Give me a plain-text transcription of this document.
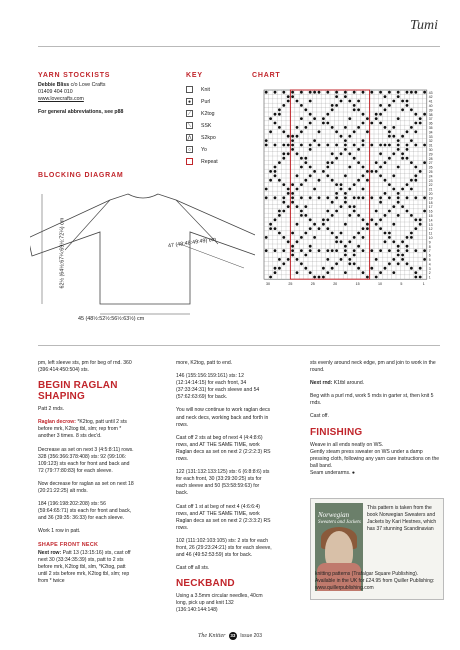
Tumi
YARN STOCKISTS
Debbie Bliss c/o Love Crafts
01409 404 010
www.lovecrafts.com
For general abbreviations, see p88
KEY
Knit
●	Purl
⟋	K2tog
⟍	SSK
⋀ S2kpo
○	Yo
Repeat
CHART
43
42
41
40
39
38
37
36
35
34
33
32
31
30
29
28
27
26
25
24
23
22
21
20
19
18
17
16
15
14
13
12
11
10
9
8
7
6
5
4
3
2
1
30	25	25	20	15	10	5	1
BLOCKING DIAGRAM
62½ (64½:67¼:69½:72¼) cm	47 (48:48:49:49) cm
45 (48½:52½:56½:63½) cm

pm, left sleeve sts, pm for beg of rnd. 360 (396:414:450:504) sts.

BEGIN RAGLAN SHAPING

Patt 2 rnds.

Raglan decrow: *K2tog, patt until 2 sts before mrk, K2tog tbl, slm; rep from * another 3 times. 8 sts dec'd.

Decrease as set on next 3 (4:5:8:11) rows. 328 (356:366:378:408) sts: 92 (99:106: 109:123) sts each for front and back and 72 (79:77:80:83) for each sleeve.

Now decrease for raglan as set on next 18 (20:21:22:25) alt rnds.

184 (196:198:202:208) sts: 56 (59:64:65:71) sts each for front and back, and 36 (39:35: 36:33) for each sleeve.

Work 1 row in patt.

SHAPE FRONT NECK

Next row: Patt 13 (13:15:16) sts, cast off next 30 (33:34:35:39) sts, patt to 2 sts before mrk, K2tog tbl, slm, *K2tog, patt until 2 sts before mrk, K2tog tbl, slm; rep from * twice

more, K2tog, patt to end.

146 (155:156:159:161) sts: 12 (12:14:14:15) for each front, 34 (37:33:34:31) for each sleeve and 54 (57:62:63:69) for back.

You will now continue to work raglan decs and neck decs, working back and forth in rows.

Cast off 2 sts at beg of next 4 (4:4:8:6) rows, and AT THE SAME TIME, work Raglan decs as set on next 2 (2:2:2:3) RS rows.

122 (131:132:133:125) sts: 6 (6:8:8:6) sts for each front, 30 (33:29:30:25) sts for each sleeve and 50 (53:58:59:63) for back.

Cast off 1 st at beg of next 4 (4:6:6:4) rows, and AT THE SAME TIME, work Raglan decs as set on next 2 (2:3:3:2) RS rows.

102 (111:102:103:105) sts: 2 sts for each front, 26 (29:23:24:21) sts for each sleeve, and 46 (49:52:53:59) sts for back.

Cast off all sts.

NECKBAND

Using a 3.5mm circular needles, 40cm long, pick up and knit 132 (136:140:144:148)

sts evenly around neck edge, pm and join to work in the round.

Next rnd: K1tbl around.

Beg with a purl rnd, work 5 rnds in garter st, then knit 5 rnds.

Cast off.

FINISHING

Weave in all ends neatly on WS.

Gently steam press sweater on WS under a damp pressing cloth, following any yarn care instructions on the ball band.

Seam underarms. ●

Norwegian
Sweaters and Jackets
This pattern is taken from the book Norwegian Sweaters and Jackets by Kari Hestnes, which has 37 stunning Scandinavian
knitting patterns (Trafalgar Square Publishing). Available in the UK for £24.95 from Quiller Publishing: www.quillerpublishing.com
The Knitter 33 Issue 203
